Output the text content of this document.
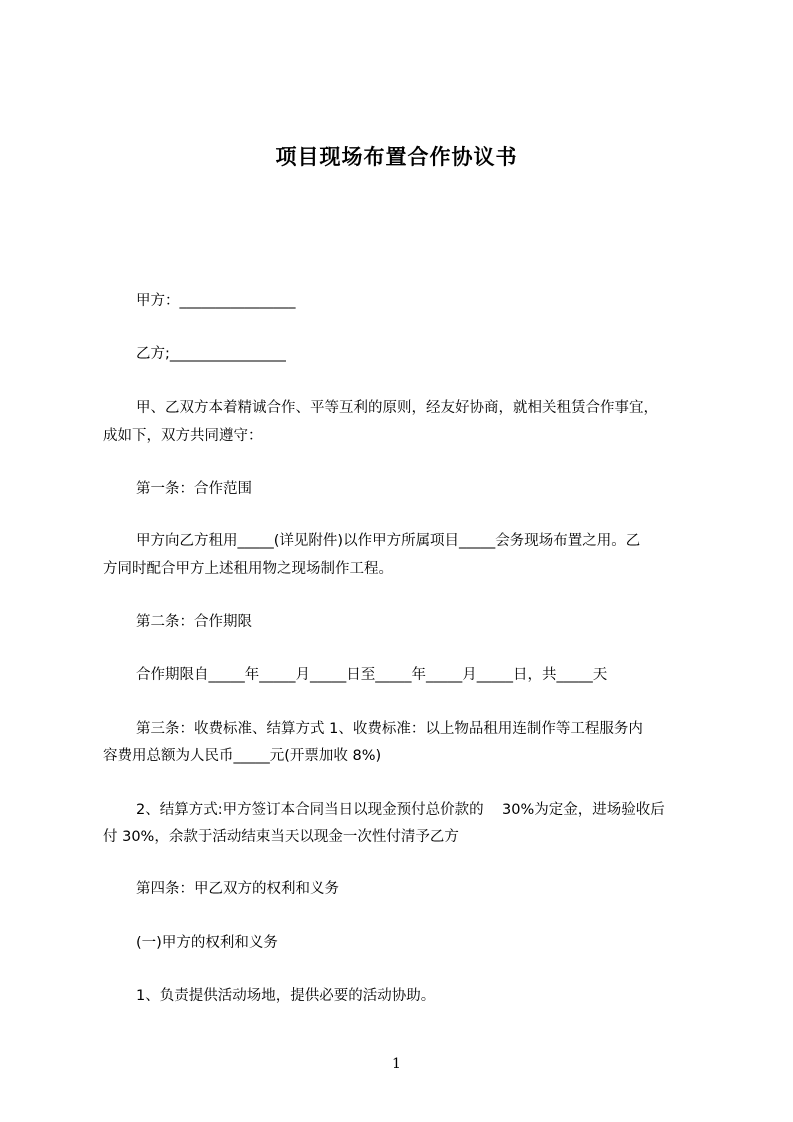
项目现场布置合作协议书
甲方：________________
乙方;________________
甲、乙双方本着精诚合作、平等互利的原则，经友好协商，就相关租赁合作事宜，
成如下，双方共同遵守：
第一条：合作范围
甲方向乙方租用_____(详见附件)以作甲方所属项目_____会务现场布置之用。乙
方同时配合甲方上述租用物之现场制作工程。
第二条：合作期限
合作期限自_____年_____月_____日至_____年_____月_____日，共_____天
第三条：收费标准、结算方式 1、收费标准：以上物品租用连制作等工程服务内
容费用总额为人民币_____元(开票加收 8%)
2、结算方式:甲方签订本合同当日以现金预付总价款的    30%为定金，进场验收后
付 30%，余款于活动结束当天以现金一次性付清予乙方
第四条：甲乙双方的权利和义务
(一)甲方的权利和义务
1、负责提供活动场地，提供必要的活动协助。
1
